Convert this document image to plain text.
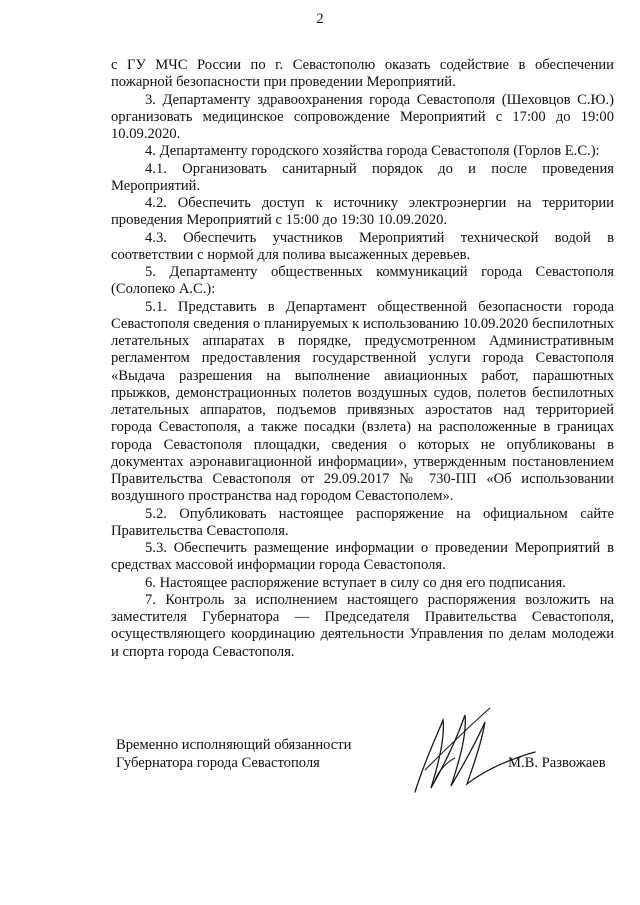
2

с ГУ МЧС России по г. Севастополю оказать содействие в обеспечении пожарной безопасности при проведении Мероприятий.

3. Департаменту здравоохранения города Севастополя (Шеховцов С.Ю.) организовать медицинское сопровождение Мероприятий с 17:00 до 19:00 10.09.2020.

4. Департаменту городского хозяйства города Севастополя (Горлов Е.С.):

4.1. Организовать санитарный порядок до и после проведения Мероприятий.

4.2. Обеспечить доступ к источнику электроэнергии на территории проведения Мероприятий с 15:00 до 19:30 10.09.2020.

4.3. Обеспечить участников Мероприятий технической водой в соответствии с нормой для полива высаженных деревьев.

5. Департаменту общественных коммуникаций города Севастополя (Солопеко А.С.):

5.1. Представить в Департамент общественной безопасности города Севастополя сведения о планируемых к использованию 10.09.2020 беспилотных летательных аппаратах в порядке, предусмотренном Административным регламентом предоставления государственной услуги города Севастополя «Выдача разрешения на выполнение авиационных работ, парашютных прыжков, демонстрационных полетов воздушных судов, полетов беспилотных летательных аппаратов, подъемов привязных аэростатов над территорией города Севастополя, а также посадки (взлета) на расположенные в границах города Севастополя площадки, сведения о которых не опубликованы в документах аэронавигационной информации», утвержденным постановлением Правительства Севастополя от 29.09.2017 № 730-ПП «Об использовании воздушного пространства над городом Севастополем».

5.2. Опубликовать настоящее распоряжение на официальном сайте Правительства Севастополя.

5.3. Обеспечить размещение информации о проведении Мероприятий в средствах массовой информации города Севастополя.

6. Настоящее распоряжение вступает в силу со дня его подписания.

7. Контроль за исполнением настоящего распоряжения возложить на заместителя Губернатора — Председателя Правительства Севастополя, осуществляющего координацию деятельности Управления по делам молодежи и спорта города Севастополя.

Временно исполняющий обязанности
Губернатора города Севастополя	М.В. Развожаев
